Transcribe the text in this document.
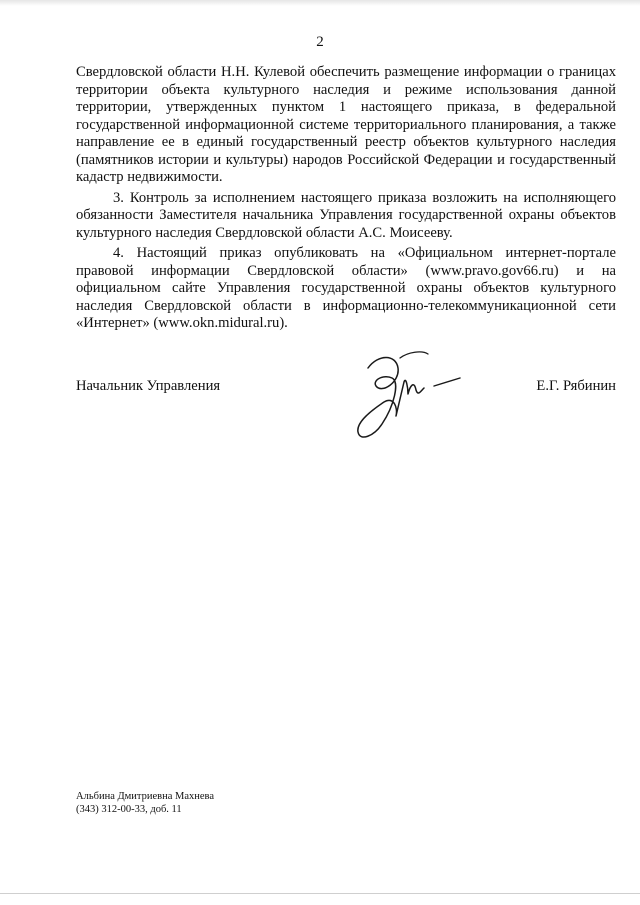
2

Свердловской области Н.Н. Кулевой обеспечить размещение информации о границах территории объекта культурного наследия и режиме использования данной территории, утвержденных пунктом 1 настоящего приказа, в федеральной государственной информационной системе территориального планирования, а также направление ее в единый государственный реестр объектов культурного наследия (памятников истории и культуры) народов Российской Федерации и государственный кадастр недвижимости.

3. Контроль за исполнением настоящего приказа возложить на исполняющего обязанности Заместителя начальника Управления государственной охраны объектов культурного наследия Свердловской области А.С. Моисееву.

4. Настоящий приказ опубликовать на «Официальном интернет-портале правовой информации Свердловской области» (www.pravo.gov66.ru) и на официальном сайте Управления государственной охраны объектов культурного наследия Свердловской области в информационно-телекоммуникационной сети «Интернет» (www.okn.midural.ru).

Начальник Управления	Е.Г. Рябинин
Альбина Дмитриевна Махнева
(343) 312-00-33, доб. 11
